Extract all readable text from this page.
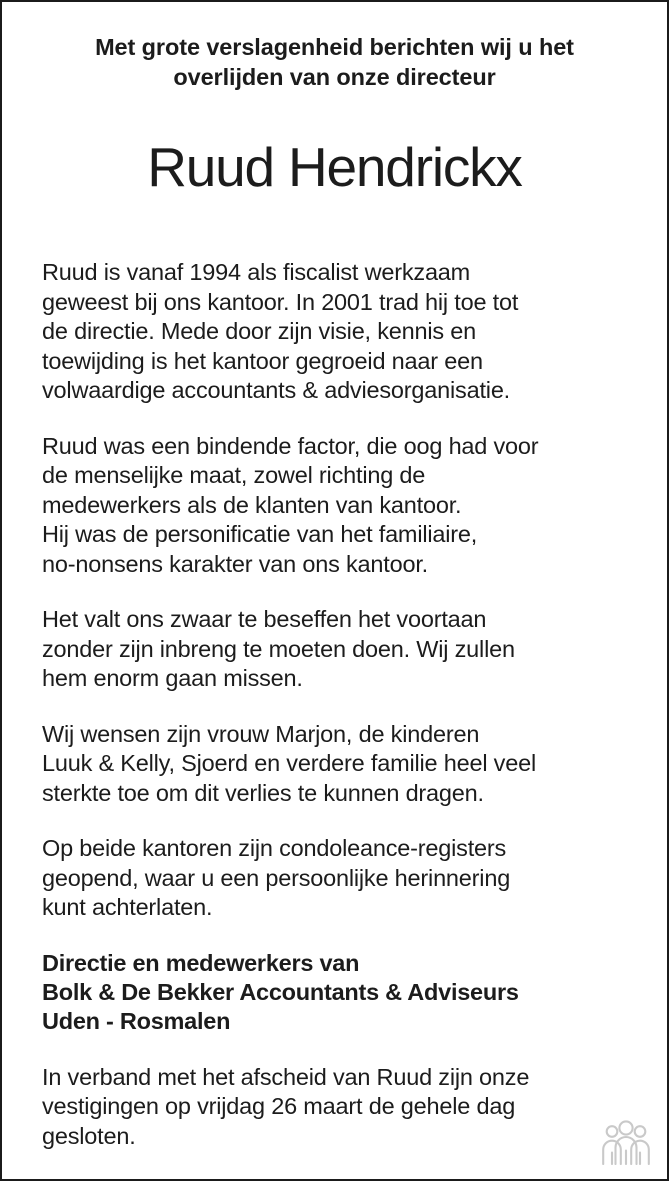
Met grote verslagenheid berichten wij u het
overlijden van onze directeur
Ruud Hendrickx

Ruud is vanaf 1994 als fiscalist werkzaam
geweest bij ons kantoor. In 2001 trad hij toe tot
de directie. Mede door zijn visie, kennis en
toewijding is het kantoor gegroeid naar een
volwaardige accountants & adviesorganisatie.

Ruud was een bindende factor, die oog had voor
de menselijke maat, zowel richting de
medewerkers als de klanten van kantoor.
Hij was de personificatie van het familiaire,
no-nonsens karakter van ons kantoor.

Het valt ons zwaar te beseffen het voortaan
zonder zijn inbreng te moeten doen. Wij zullen
hem enorm gaan missen.

Wij wensen zijn vrouw Marjon, de kinderen
Luuk & Kelly, Sjoerd en verdere familie heel veel
sterkte toe om dit verlies te kunnen dragen.

Op beide kantoren zijn condoleance-registers
geopend, waar u een persoonlijke herinnering
kunt achterlaten.

Directie en medewerkers van
Bolk & De Bekker Accountants & Adviseurs
Uden - Rosmalen

In verband met het afscheid van Ruud zijn onze
vestigingen op vrijdag 26 maart de gehele dag
gesloten.
